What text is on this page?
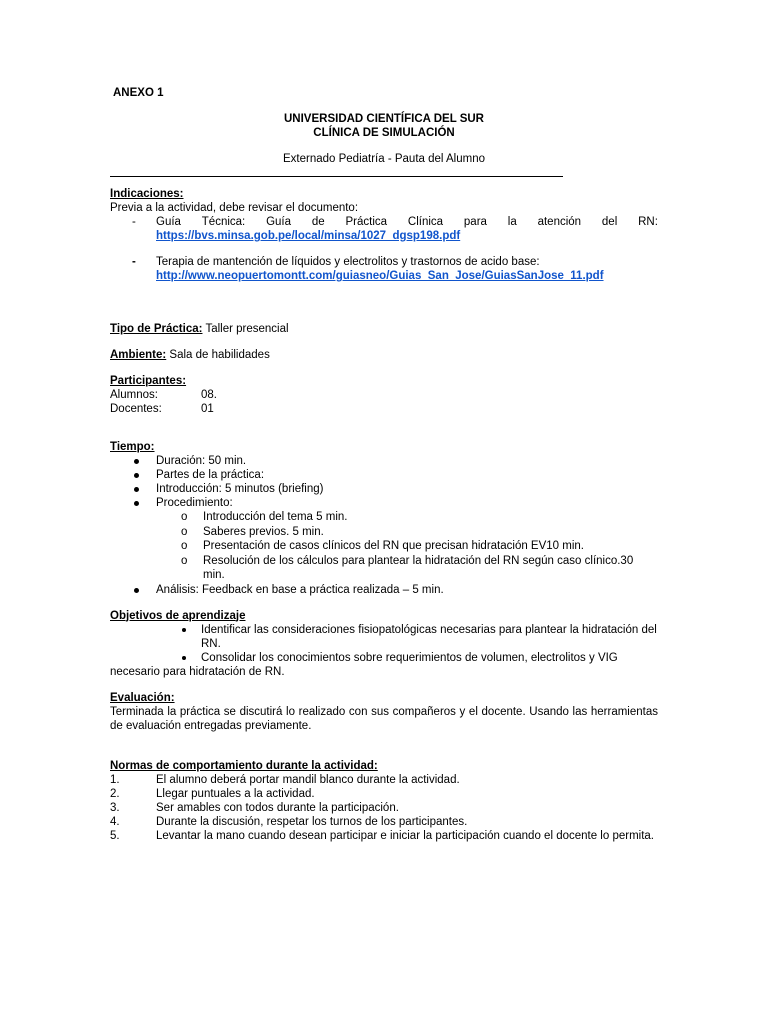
ANEXO 1
UNIVERSIDAD CIENTÍFICA DEL SUR
CLÍNICA DE SIMULACIÓN
Externado Pediatría - Pauta del Alumno
Indicaciones:
Previa a la actividad, debe revisar el documento:
-	Guía Técnica: Guía de Práctica Clínica para la atención del RN:
https://bvs.minsa.gob.pe/local/minsa/1027_dgsp198.pdf
-	Terapia de mantención de líquidos y electrolitos y trastornos de acido base:
http://www.neopuertomontt.com/guiasneo/Guias_San_Jose/GuiasSanJose_11.pdf
Tipo de Práctica: Taller presencial
Ambiente: Sala de habilidades
Participantes:
Alumnos:	08.
Docentes:	01
Tiempo:
Duración: 50 min.
Partes de la práctica:
Introducción: 5 minutos (briefing)
Procedimiento:
o Introducción del tema 5 min.
o Saberes previos. 5 min.
o Presentación de casos clínicos del RN que precisan hidratación EV10 min.
o Resolución de los cálculos para plantear la hidratación del RN según caso clínico.30 min.
Análisis: Feedback en base a práctica realizada – 5 min.
Objetivos de aprendizaje
Identificar las consideraciones fisiopatológicas necesarias para plantear la hidratación del RN.
Consolidar los conocimientos sobre requerimientos de volumen, electrolitos y VIG necesario para hidratación de RN.
Evaluación:
Terminada la práctica se discutirá lo realizado con sus compañeros y el docente. Usando las herramientas de evaluación entregadas previamente.
Normas de comportamiento durante la actividad:
1.	El alumno deberá portar mandil blanco durante la actividad.
2.	Llegar puntuales a la actividad.
3.	Ser amables con todos durante la participación.
4.	Durante la discusión, respetar los turnos de los participantes.
5.	Levantar la mano cuando desean participar e iniciar la participación cuando el docente lo permita.
